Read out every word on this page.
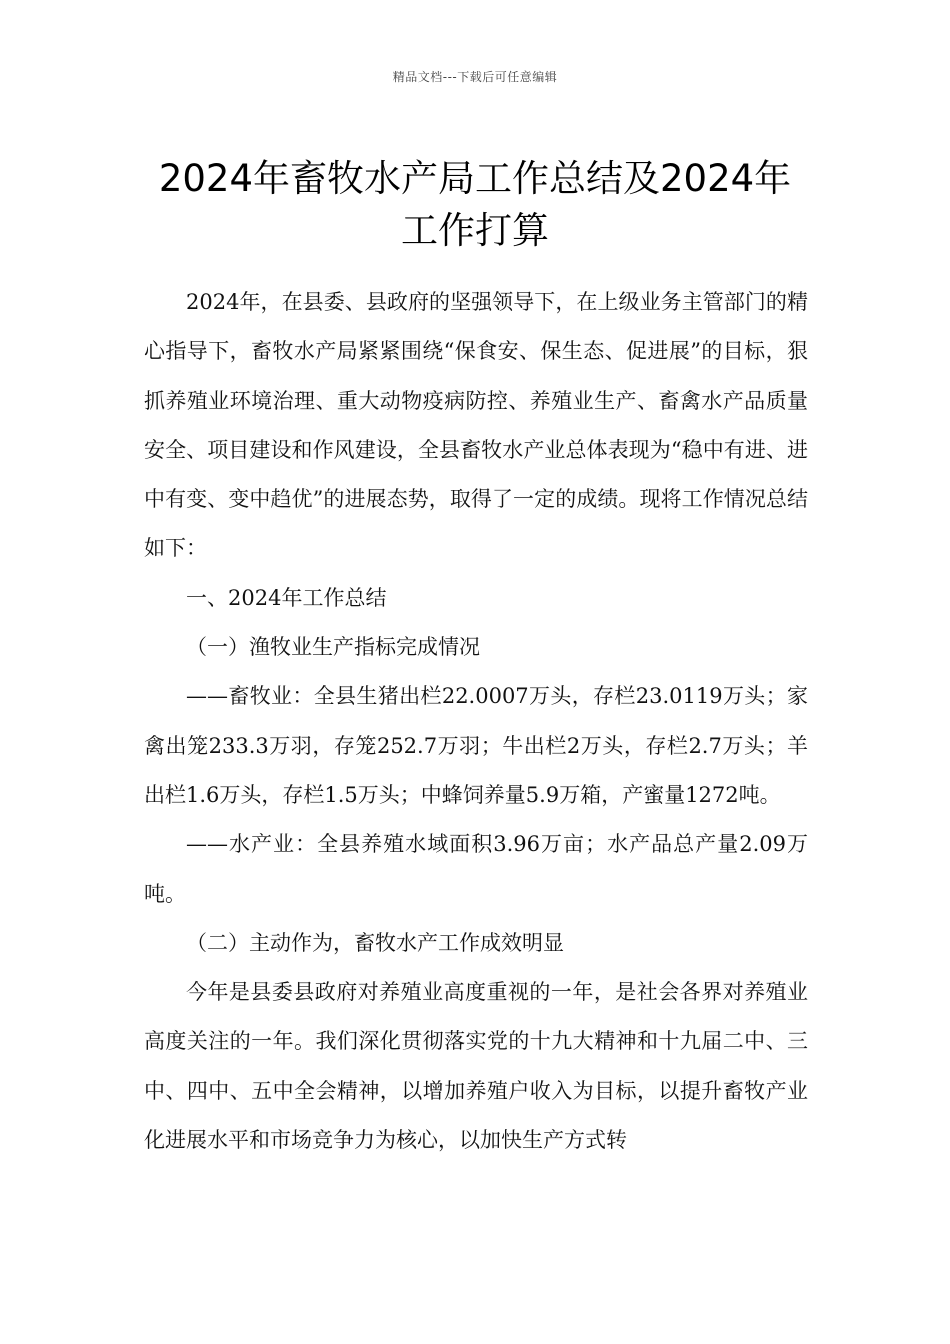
精品文档---下载后可任意编辑
2024年畜牧水产局工作总结及2024年
工作打算

2024年，在县委、县政府的坚强领导下，在上级业务主管部门的精心指导下，畜牧水产局紧紧围绕“保食安、保生态、促进展”的目标，狠抓养殖业环境治理、重大动物疫病防控、养殖业生产、畜禽水产品质量安全、项目建设和作风建设，全县畜牧水产业总体表现为“稳中有进、进中有变、变中趋优”的进展态势，取得了一定的成绩。现将工作情况总结如下：

一、2024年工作总结

（一）渔牧业生产指标完成情况

——畜牧业：全县生猪出栏22.0007万头，存栏23.0119万头；家禽出笼233.3万羽，存笼252.7万羽；牛出栏2万头，存栏2.7万头；羊出栏1.6万头，存栏1.5万头；中蜂饲养量5.9万箱，产蜜量1272吨。

——水产业：全县养殖水域面积3.96万亩；水产品总产量2.09万吨。

（二）主动作为，畜牧水产工作成效明显

今年是县委县政府对养殖业高度重视的一年，是社会各界对养殖业高度关注的一年。我们深化贯彻落实党的十九大精神和十九届二中、三中、四中、五中全会精神，以增加养殖户收入为目标，以提升畜牧产业化进展水平和市场竞争力为核心，以加快生产方式转
